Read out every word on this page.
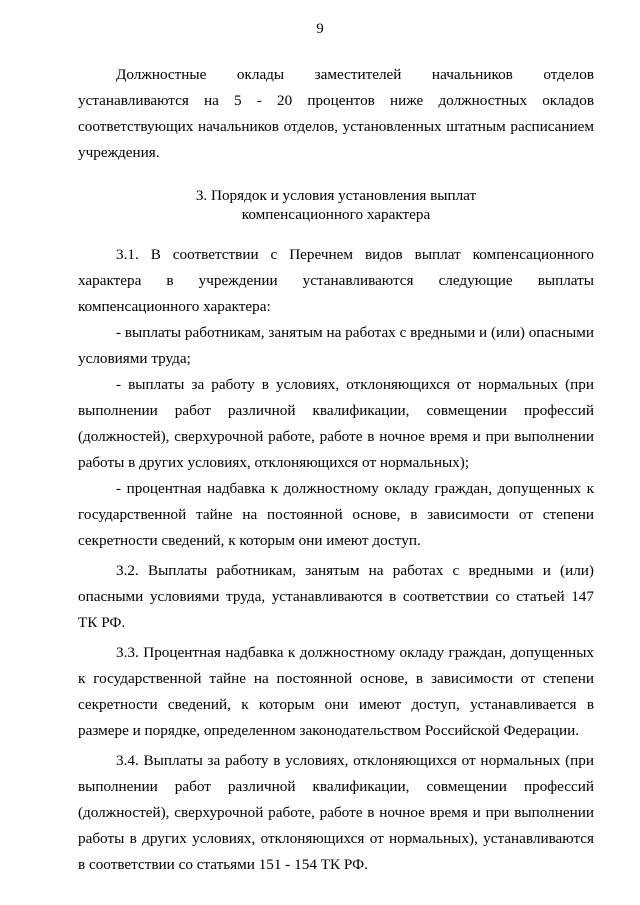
9

Должностные оклады заместителей начальников отделов устанавливаются на 5 - 20 процентов ниже должностных окладов соответствующих начальников отделов, установленных штатным расписанием учреждения.

3. Порядок и условия установления выплат
компенсационного характера

3.1. В соответствии с Перечнем видов выплат компенсационного характера в учреждении устанавливаются следующие выплаты компенсационного характера:

- выплаты работникам, занятым на работах с вредными и (или) опасными условиями труда;

- выплаты за работу в условиях, отклоняющихся от нормальных (при выполнении работ различной квалификации, совмещении профессий (должностей), сверхурочной работе, работе в ночное время и при выполнении работы в других условиях, отклоняющихся от нормальных);

- процентная надбавка к должностному окладу граждан, допущенных к государственной тайне на постоянной основе, в зависимости от степени секретности сведений, к которым они имеют доступ.

3.2. Выплаты работникам, занятым на работах с вредными и (или) опасными условиями труда, устанавливаются в соответствии со статьей 147 ТК РФ.

3.3. Процентная надбавка к должностному окладу граждан, допущенных к государственной тайне на постоянной основе, в зависимости от степени секретности сведений, к которым они имеют доступ, устанавливается в размере и порядке, определенном законодательством Российской Федерации.

3.4. Выплаты за работу в условиях, отклоняющихся от нормальных (при выполнении работ различной квалификации, совмещении профессий (должностей), сверхурочной работе, работе в ночное время и при выполнении работы в других условиях, отклоняющихся от нормальных), устанавливаются в соответствии со статьями 151 - 154 ТК РФ.
